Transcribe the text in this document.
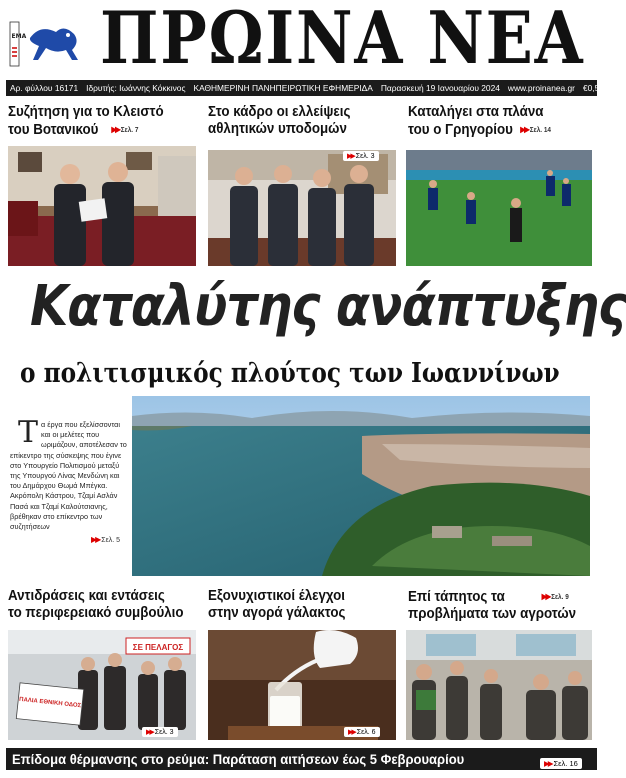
ΕΜΑ ΠΡΩΙΝΑ ΝΕΑ
Αρ. φύλλου 16171 Ιδρυτής: Ιωάννης Κόκκινος ΚΑΘΗΜΕΡΙΝΗ ΠΑΝΗΠΕΙΡΩΤΙΚΗ ΕΦΗΜΕΡΙΔΑ Παρασκευή 19 Ιανουαρίου 2024 www.proinanea.gr €0,50
Συζήτηση για το Κλειστό
του Βοτανικού ▶▶ Σελ. 7
Στο κάδρο οι ελλείψεις
αθλητικών υποδομών
▶▶ Σελ. 3
Καταλήγει στα πλάνα
του ο Γρηγορίου ▶▶ Σελ. 14
Καταλύτης ανάπτυξης
ο πολιτισμικός πλούτος των Ιωαννίνων
Τα έργα που εξελίσσονται και οι μελέτες που ωριμάζουν, αποτέλεσαν το επίκεντρο της σύσκεψης που έγινε στο Υπουργείο Πολιτισμού μεταξύ της Υπουργού Λίνας Μενδώνη και του Δημάρχου Θωμά Μπέγκα. Ακρόπολη Κάστρου, Τζαμί Ασλάν Πασά και Τζαμί Καλούτσιανης, βρέθηκαν στο επίκεντρο των συζητήσεων
▶▶ Σελ. 5
Αντιδράσεις και εντάσεις
το περιφερειακό συμβούλιο
ΣΕ ΠΕΛΑΓΟΣ
ΠΑΛΙΑ ΕΘΝΙΚΗ ΟΔΟΣ
▶▶ Σελ. 3
Εξονυχιστικοί έλεγχοι
στην αγορά γάλακτος
▶▶ Σελ. 6
Επί τάπητος τα	▶▶ Σελ. 9
προβλήματα των αγροτών
Επίδομα θέρμανσης στο ρεύμα: Παράταση αιτήσεων έως 5 Φεβρουαρίου	▶▶ Σελ. 16
